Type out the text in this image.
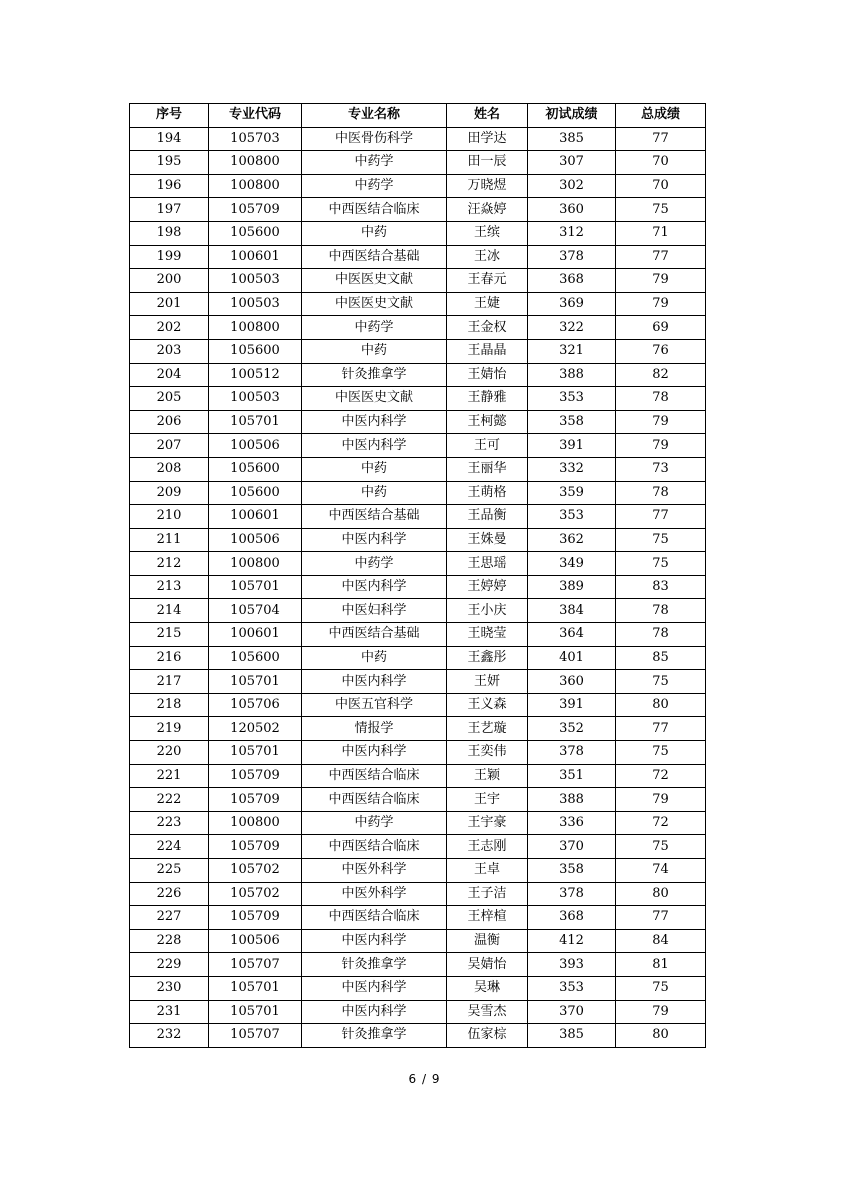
序号	专业代码	专业名称	姓名	初试成绩	总成绩
194	105703	中医骨伤科学	田学达	385	77
195	100800	中药学	田一辰	307	70
196	100800	中药学	万晓煜	302	70
197	105709	中西医结合临床	汪焱婷	360	75
198	105600	中药	王缤	312	71
199	100601	中西医结合基础	王冰	378	77
200	100503	中医医史文献	王春元	368	79
201	100503	中医医史文献	王婕	369	79
202	100800	中药学	王金权	322	69
203	105600	中药	王晶晶	321	76
204	100512	针灸推拿学	王婧怡	388	82
205	100503	中医医史文献	王静雅	353	78
206	105701	中医内科学	王柯懿	358	79
207	100506	中医内科学	王可	391	79
208	105600	中药	王丽华	332	73
209	105600	中药	王萌格	359	78
210	100601	中西医结合基础	王品衡	353	77
211	100506	中医内科学	王姝曼	362	75
212	100800	中药学	王思瑶	349	75
213	105701	中医内科学	王婷婷	389	83
214	105704	中医妇科学	王小庆	384	78
215	100601	中西医结合基础	王晓莹	364	78
216	105600	中药	王鑫彤	401	85
217	105701	中医内科学	王妍	360	75
218	105706	中医五官科学	王义森	391	80
219	120502	情报学	王艺璇	352	77
220	105701	中医内科学	王奕伟	378	75
221	105709	中西医结合临床	王颖	351	72
222	105709	中西医结合临床	王宇	388	79
223	100800	中药学	王宇豪	336	72
224	105709	中西医结合临床	王志刚	370	75
225	105702	中医外科学	王卓	358	74
226	105702	中医外科学	王子洁	378	80
227	105709	中西医结合临床	王梓楦	368	77
228	100506	中医内科学	温衡	412	84
229	105707	针灸推拿学	吴婧怡	393	81
230	105701	中医内科学	吴琳	353	75
231	105701	中医内科学	吴雪杰	370	79
232	105707	针灸推拿学	伍家棕	385	80
6 / 9
